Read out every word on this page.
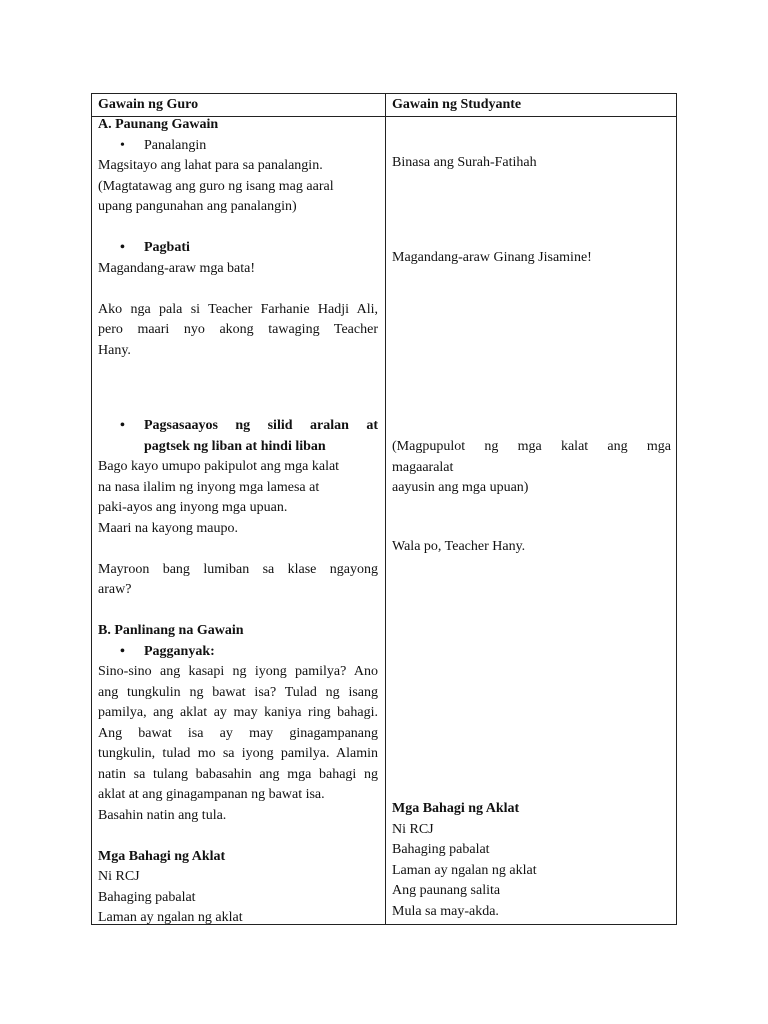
Gawain ng Guro	Gawain ng Studyante
A. Paunang Gawain
• Panalangin
Magsitayo ang lahat para sa panalangin.
(Magtatawag ang guro ng isang mag aaral
upang pangunahan ang panalangin)
• Pagbati
Magandang-araw mga bata!
Ako nga pala si Teacher Farhanie Hadji Ali,
pero maari nyo akong tawaging Teacher
Hany.
• Pagsasaayos ng silid aralan at
pagtsek ng liban at hindi liban
Bago kayo umupo pakipulot ang mga kalat
na nasa ilalim ng inyong mga lamesa at
paki-ayos ang inyong mga upuan.
Maari na kayong maupo.
Mayroon bang lumiban sa klase ngayong
araw?
B. Panlinang na Gawain
• Pagganyak:
Sino-sino ang kasapi ng iyong pamilya? Ano
ang tungkulin ng bawat isa? Tulad ng isang
pamilya, ang aklat ay may kaniya ring bahagi.
Ang bawat isa ay may ginagampanang
tungkulin, tulad mo sa iyong pamilya. Alamin
natin sa tulang babasahin ang mga bahagi ng
aklat at ang ginagampanan ng bawat isa.
Basahin natin ang tula.
Mga Bahagi ng Aklat
Ni RCJ
Bahaging pabalat
Laman ay ngalan ng aklat
Binasa ang Surah-Fatihah
Magandang-araw Ginang Jisamine!
(Magpupulot ng mga kalat ang mga
magaaralat
aayusin ang mga upuan)
Wala po, Teacher Hany.
Mga Bahagi ng Aklat
Ni RCJ
Bahaging pabalat
Laman ay ngalan ng aklat
Ang paunang salita
Mula sa may-akda.
